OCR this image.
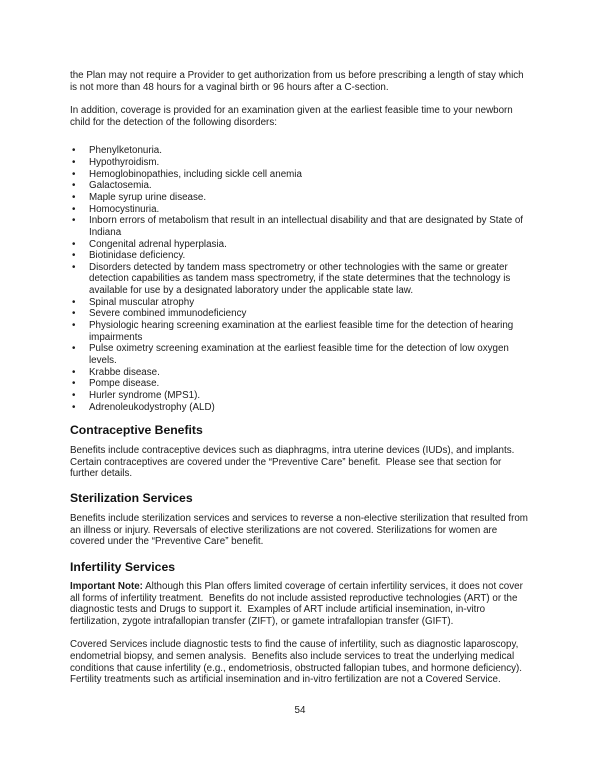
the Plan may not require a Provider to get authorization from us before prescribing a length of stay which is not more than 48 hours for a vaginal birth or 96 hours after a C-section.

In addition, coverage is provided for an examination given at the earliest feasible time to your newborn child for the detection of the following disorders:

• Phenylketonuria.
• Hypothyroidism.
• Hemoglobinopathies, including sickle cell anemia
• Galactosemia.
• Maple syrup urine disease.
• Homocystinuria.
• Inborn errors of metabolism that result in an intellectual disability and that are designated by State of Indiana
• Congenital adrenal hyperplasia.
• Biotinidase deficiency.
• Disorders detected by tandem mass spectrometry or other technologies with the same or greater detection capabilities as tandem mass spectrometry, if the state determines that the technology is available for use by a designated laboratory under the applicable state law.
• Spinal muscular atrophy
• Severe combined immunodeficiency
• Physiologic hearing screening examination at the earliest feasible time for the detection of hearing impairments
• Pulse oximetry screening examination at the earliest feasible time for the detection of low oxygen levels.
• Krabbe disease.
• Pompe disease.
• Hurler syndrome (MPS1).
• Adrenoleukodystrophy (ALD)
Contraceptive Benefits

Benefits include contraceptive devices such as diaphragms, intra uterine devices (IUDs), and implants. Certain contraceptives are covered under the “Preventive Care” benefit.  Please see that section for further details.

Sterilization Services

Benefits include sterilization services and services to reverse a non-elective sterilization that resulted from an illness or injury. Reversals of elective sterilizations are not covered. Sterilizations for women are covered under the “Preventive Care” benefit.

Infertility Services

Important Note: Although this Plan offers limited coverage of certain infertility services, it does not cover all forms of infertility treatment.  Benefits do not include assisted reproductive technologies (ART) or the diagnostic tests and Drugs to support it.  Examples of ART include artificial insemination, in-vitro fertilization, zygote intrafallopian transfer (ZIFT), or gamete intrafallopian transfer (GIFT).

Covered Services include diagnostic tests to find the cause of infertility, such as diagnostic laparoscopy, endometrial biopsy, and semen analysis.  Benefits also include services to treat the underlying medical conditions that cause infertility (e.g., endometriosis, obstructed fallopian tubes, and hormone deficiency). Fertility treatments such as artificial insemination and in-vitro fertilization are not a Covered Service.

54
